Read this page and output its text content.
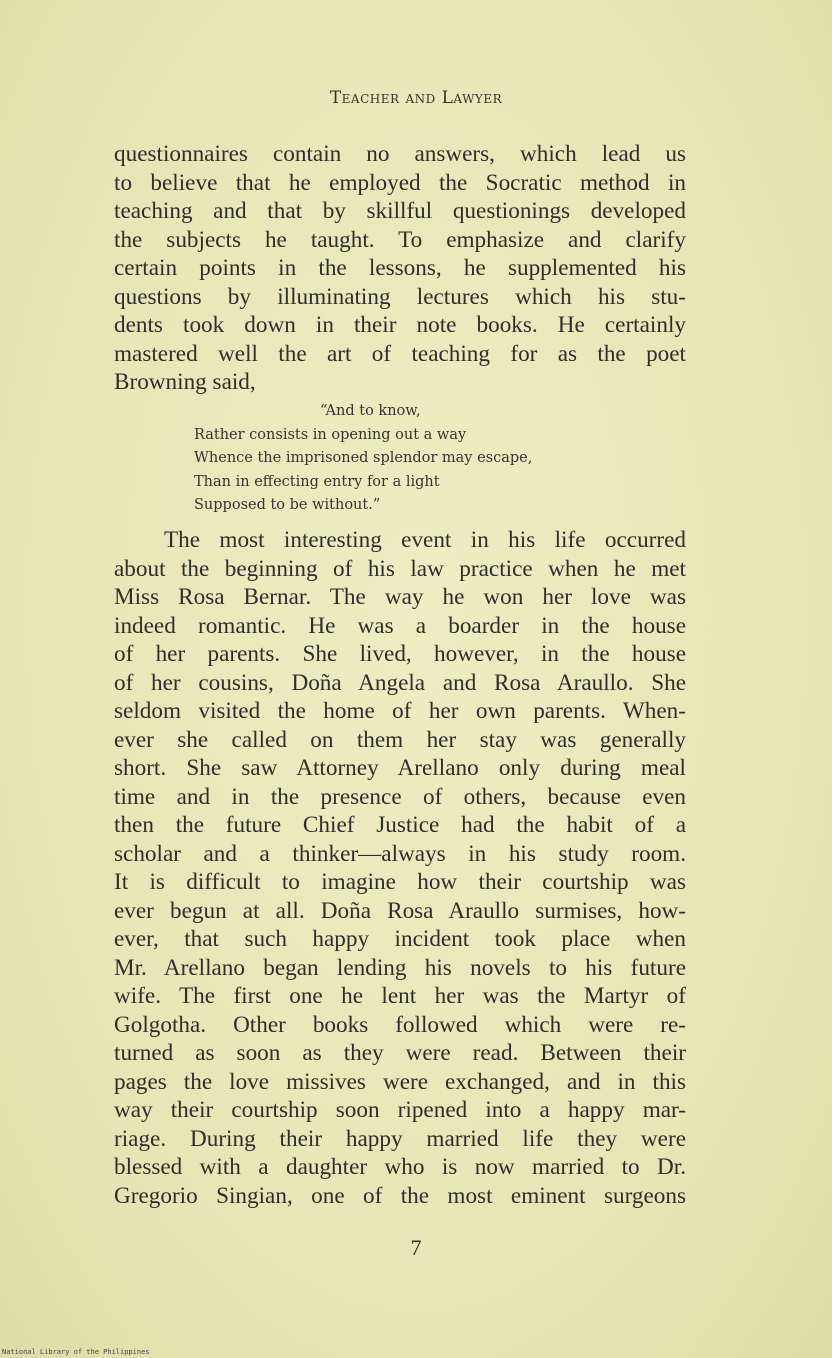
Teacher and Lawyer
questionnaires contain no answers, which lead us
to believe that he employed the Socratic method in
teaching and that by skillful questionings developed
the subjects he taught. To emphasize and clarify
certain points in the lessons, he supplemented his
questions by illuminating lectures which his stu-
dents took down in their note books. He certainly
mastered well the art of teaching for as the poet
Browning said,
“And to know,
Rather consists in opening out a way
Whence the imprisoned splendor may escape,
Than in effecting entry for a light
Supposed to be without.”
The most interesting event in his life occurred
about the beginning of his law practice when he met
Miss Rosa Bernar. The way he won her love was
indeed romantic. He was a boarder in the house
of her parents. She lived, however, in the house
of her cousins, Doña Angela and Rosa Araullo. She
seldom visited the home of her own parents. When-
ever she called on them her stay was generally
short. She saw Attorney Arellano only during meal
time and in the presence of others, because even
then the future Chief Justice had the habit of a
scholar and a thinker—always in his study room.
It is difficult to imagine how their courtship was
ever begun at all. Doña Rosa Araullo surmises, how-
ever, that such happy incident took place when
Mr. Arellano began lending his novels to his future
wife. The first one he lent her was the Martyr of
Golgotha. Other books followed which were re-
turned as soon as they were read. Between their
pages the love missives were exchanged, and in this
way their courtship soon ripened into a happy mar-
riage. During their happy married life they were
blessed with a daughter who is now married to Dr.
Gregorio Singian, one of the most eminent surgeons
7
National Library of the Philippines
